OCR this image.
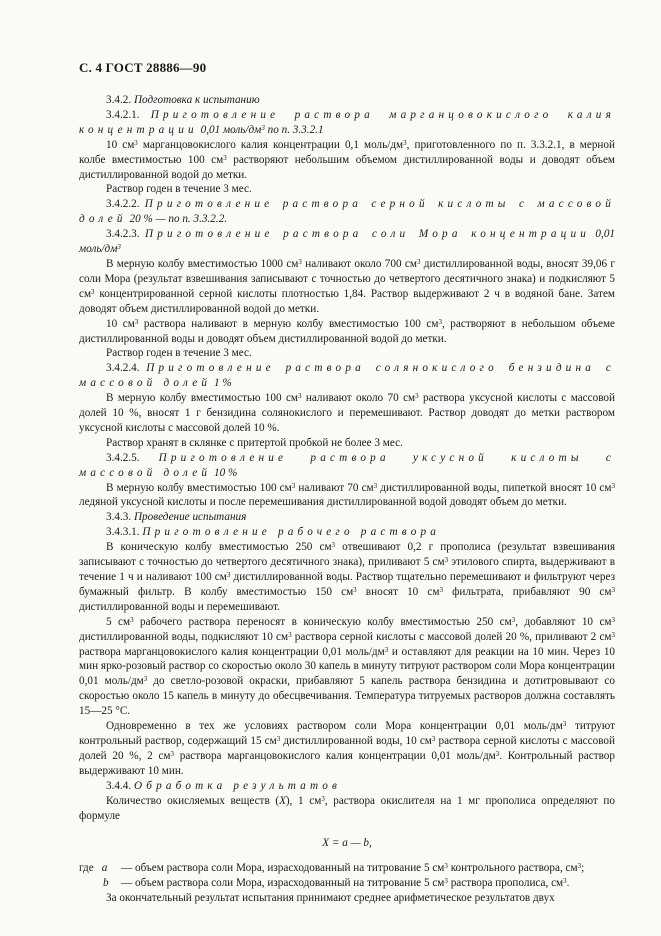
С. 4 ГОСТ 28886—90

3.4.2. Подготовка к испытанию

3.4.2.1. Приготовление раствора марганцовокислого калия концентрации 0,01 моль/$дм^3$ по п. 3.3.2.1

10 $см^3$ марганцовокислого калия концентрации 0,1 моль/$дм^3$, приготовленного по п. 3.3.2.1, в мерной колбе вместимостью 100 $см^3$ растворяют небольшим объемом дистиллированной воды и доводят объем дистиллированной водой до метки.

Раствор годен в течение 3 мес.

3.4.2.2. Приготовление раствора серной кислоты с массовой долей 20 % — по п. 3.3.2.2.

3.4.2.3. Приготовление раствора соли Мора концентрации 0,01 моль/$дм^3$

В мерную колбу вместимостью 1000 $см^3$ наливают около 700 $см^3$ дистиллированной воды, вносят 39,06 г соли Мора (результат взвешивания записывают с точностью до четвертого десятичного знака) и подкисляют 5 $см^3$ концентрированной серной кислоты плотностью 1,84. Раствор выдерживают 2 ч в водяной бане. Затем доводят объем дистиллированной водой до метки.

10 $см^3$ раствора наливают в мерную колбу вместимостью 100 $см^3$, растворяют в небольшом объеме дистиллированной воды и доводят объем дистиллированной водой до метки.

Раствор годен в течение 3 мес.

3.4.2.4. Приготовление раствора солянокислого бензидина с массовой долей 1 %

В мерную колбу вместимостью 100 $см^3$ наливают около 70 $см^3$ раствора уксусной кислоты с массовой долей 10 %, вносят 1 г бензидина солянокислого и перемешивают. Раствор доводят до метки раствором уксусной кислоты с массовой долей 10 %.

Раствор хранят в склянке с притертой пробкой не более 3 мес.

3.4.2.5. Приготовление раствора уксусной кислоты с массовой долей 10 %

В мерную колбу вместимостью 100 $см^3$ наливают 70 $см^3$ дистиллированной воды, пипеткой вносят 10 $см^3$ ледяной уксусной кислоты и после перемешивания дистиллированной водой доводят объем до метки.

3.4.3. Проведение испытания

3.4.3.1. Приготовление рабочего раствора

В коническую колбу вместимостью 250 $см^3$ отвешивают 0,2 г прополиса (результат взвешивания записывают с точностью до четвертого десятичного знака), приливают 5 $см^3$ этилового спирта, выдерживают в течение 1 ч и наливают 100 $см^3$ дистиллированной воды. Раствор тщательно перемешивают и фильтруют через бумажный фильтр. В колбу вместимостью 150 $см^3$ вносят 10 $см^3$ фильтрата, прибавляют 90 $см^3$ дистиллированной воды и перемешивают.

5 $см^3$ рабочего раствора переносят в коническую колбу вместимостью 250 $см^3$, добавляют 10 $см^3$ дистиллированной воды, подкисляют 10 $см^3$ раствора серной кислоты с массовой долей 20 %, приливают 2 $см^3$ раствора марганцовокислого калия концентрации 0,01 моль/$дм^3$ и оставляют для реакции на 10 мин. Через 10 мин ярко-розовый раствор со скоростью около 30 капель в минуту титруют раствором соли Мора концентрации 0,01 моль/$дм^3$ до светло-розовой окраски, прибавляют 5 капель раствора бензидина и дотитровывают со скоростью около 15 капель в минуту до обесцвечивания. Температура титруемых растворов должна составлять 15—25 °С.

Одновременно в тех же условиях раствором соли Мора концентрации 0,01 моль/$дм^3$ титруют контрольный раствор, содержащий 15 $см^3$ дистиллированной воды, 10 $см^3$ раствора серной кислоты с массовой долей 20 %, 2 $см^3$ раствора марганцовокислого калия концентрации 0,01 моль/$дм^3$. Контрольный раствор выдерживают 10 мин.

3.4.4. Обработка результатов

Количество окисляемых веществ (X), 1 $см^3$, раствора окислителя на 1 мг прополиса определяют по формуле

X = a — b,
где a	— объем раствора соли Мора, израсходованный на титрование 5 $см^3$ контрольного раствора, $см^3$;
b	— объем раствора соли Мора, израсходованный на титрование 5 $см^3$ раствора прополиса, $см^3$.

За окончательный результат испытания принимают среднее арифметическое результатов двух
